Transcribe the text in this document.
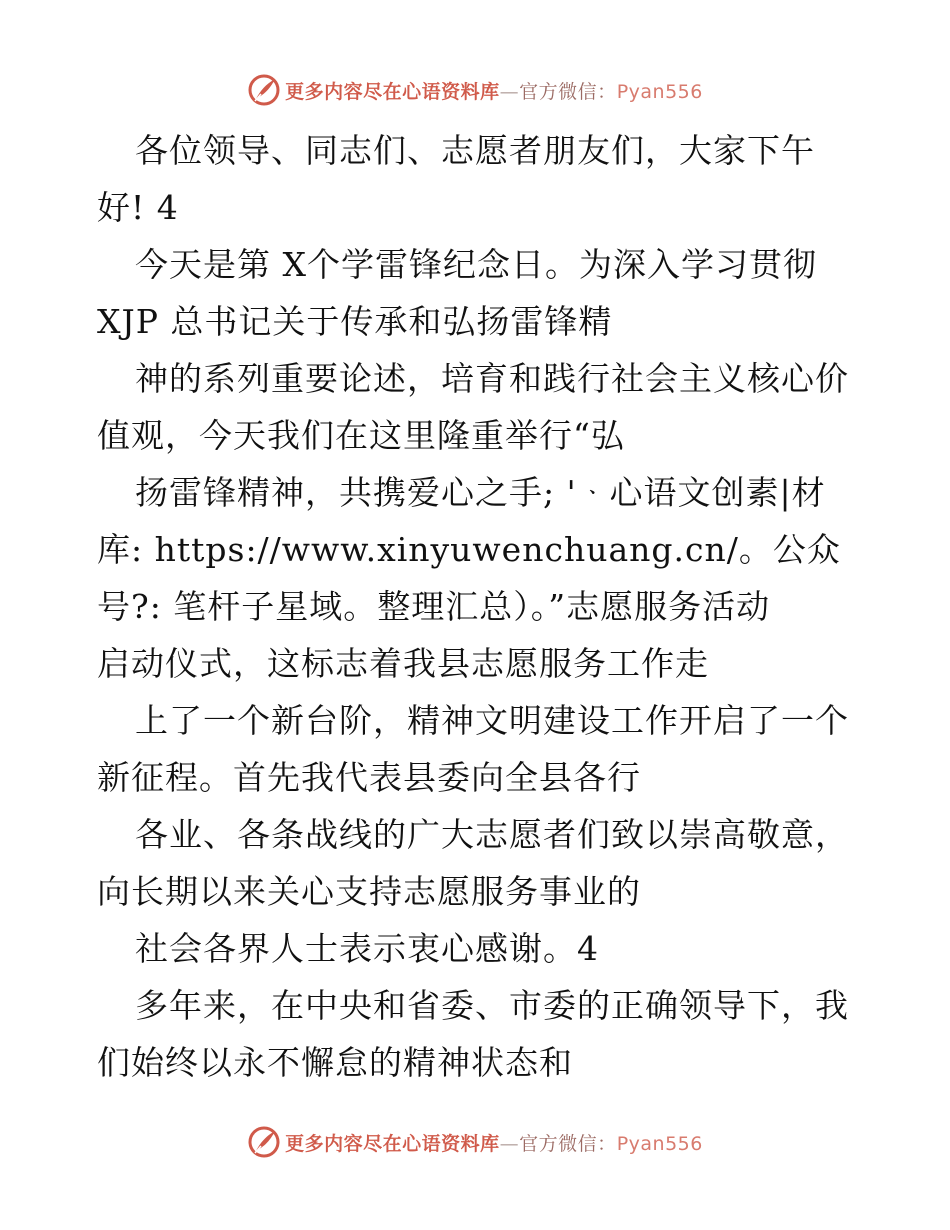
更多内容尽在心语资料库—官方微信：Pyan556
各位领导、同志们、志愿者朋友们，大家下午
好! 4
今天是第 X个学雷锋纪念日。为深入学习贯彻
XJP 总书记关于传承和弘扬雷锋精
神的系列重要论述，培育和践行社会主义核心价
值观，今天我们在这里隆重举行“弘
扬雷锋精神，共携爱心之手; 'ᆞ心语文创素|材
库: https://www.xinyuwenchuang.cn/。公众
号?: 笔杆子星域。整理汇总）。”志愿服务活动
启动仪式，这标志着我县志愿服务工作走
上了一个新台阶，精神文明建设工作开启了一个
新征程。首先我代表县委向全县各行
各业、各条战线的广大志愿者们致以崇高敬意，
向长期以来关心支持志愿服务事业的
社会各界人士表示衷心感谢。4
多年来，在中央和省委、市委的正确领导下，我
们始终以永不懈怠的精神状态和
更多内容尽在心语资料库—官方微信：Pyan556
